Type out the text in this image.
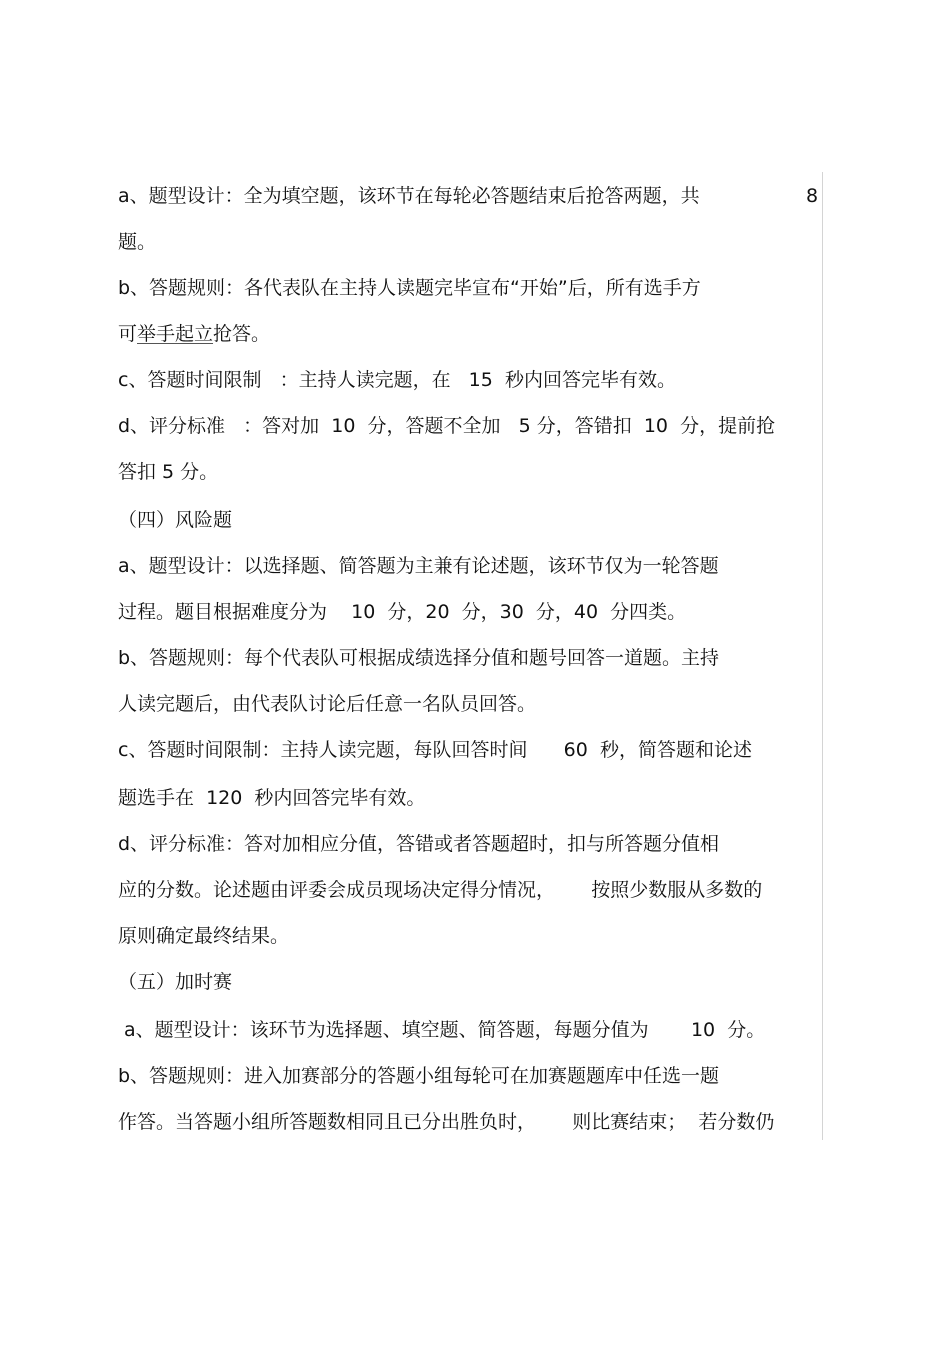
a、题型设计：全为填空题，该环节在每轮必答题结束后抢答两题，共	8
题。
b、答题规则：各代表队在主持人读题完毕宣布“开始”后，所有选手方
可举手起立抢答。
c、答题时间限制   ：主持人读完题，在   15  秒内回答完毕有效。
d、评分标准   ：答对加  10  分，答题不全加   5 分，答错扣  10  分，提前抢
答扣 5 分。
（四）风险题
a、题型设计：以选择题、简答题为主兼有论述题，该环节仅为一轮答题
过程。题目根据难度分为    10  分，20  分，30  分，40  分四类。
b、答题规则：每个代表队可根据成绩选择分值和题号回答一道题。主持
人读完题后，由代表队讨论后任意一名队员回答。
c、答题时间限制：主持人读完题，每队回答时间      60  秒，简答题和论述
题选手在  120  秒内回答完毕有效。
d、评分标准：答对加相应分值，答错或者答题超时，扣与所答题分值相
应的分数。论述题由评委会成员现场决定得分情况，      按照少数服从多数的
原则确定最终结果。
（五）加时赛
a、题型设计：该环节为选择题、填空题、简答题，每题分值为       10  分。
b、答题规则：进入加赛部分的答题小组每轮可在加赛题题库中任选一题
作答。当答题小组所答题数相同且已分出胜负时，      则比赛结束；  若分数仍
